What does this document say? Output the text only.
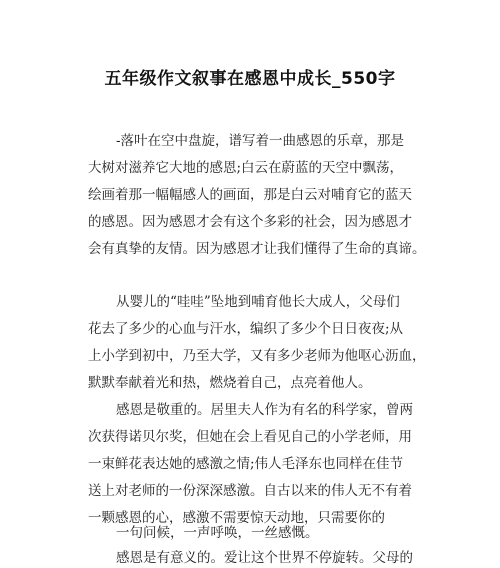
五年级作文叙事在感恩中成长_550字
-落叶在空中盘旋，谱写着一曲感恩的乐章，那是
大树对滋养它大地的感恩;白云在蔚蓝的天空中飘荡，
绘画着那一幅幅感人的画面，那是白云对哺育它的蓝天
的感恩。因为感恩才会有这个多彩的社会，因为感恩才
会有真挚的友情。因为感恩才让我们懂得了生命的真谛。
从婴儿的“哇哇”坠地到哺育他长大成人，父母们
花去了多少的心血与汗水，编织了多少个日日夜夜;从
上小学到初中，乃至大学，又有多少老师为他呕心沥血，
默默奉献着光和热，燃烧着自己，点亮着他人。
感恩是敬重的。居里夫人作为有名的科学家，曾两
次获得诺贝尔奖，但她在会上看见自己的小学老师，用
一束鲜花表达她的感激之情;伟人毛泽东也同样在佳节
送上对老师的一份深深感激。自古以来的伟人无不有着
一颗感恩的心，感激不需要惊天动地，只需要你的
一句问候，一声呼唤，一丝感慨。
感恩是有意义的。爱让这个世界不停旋转。父母的
